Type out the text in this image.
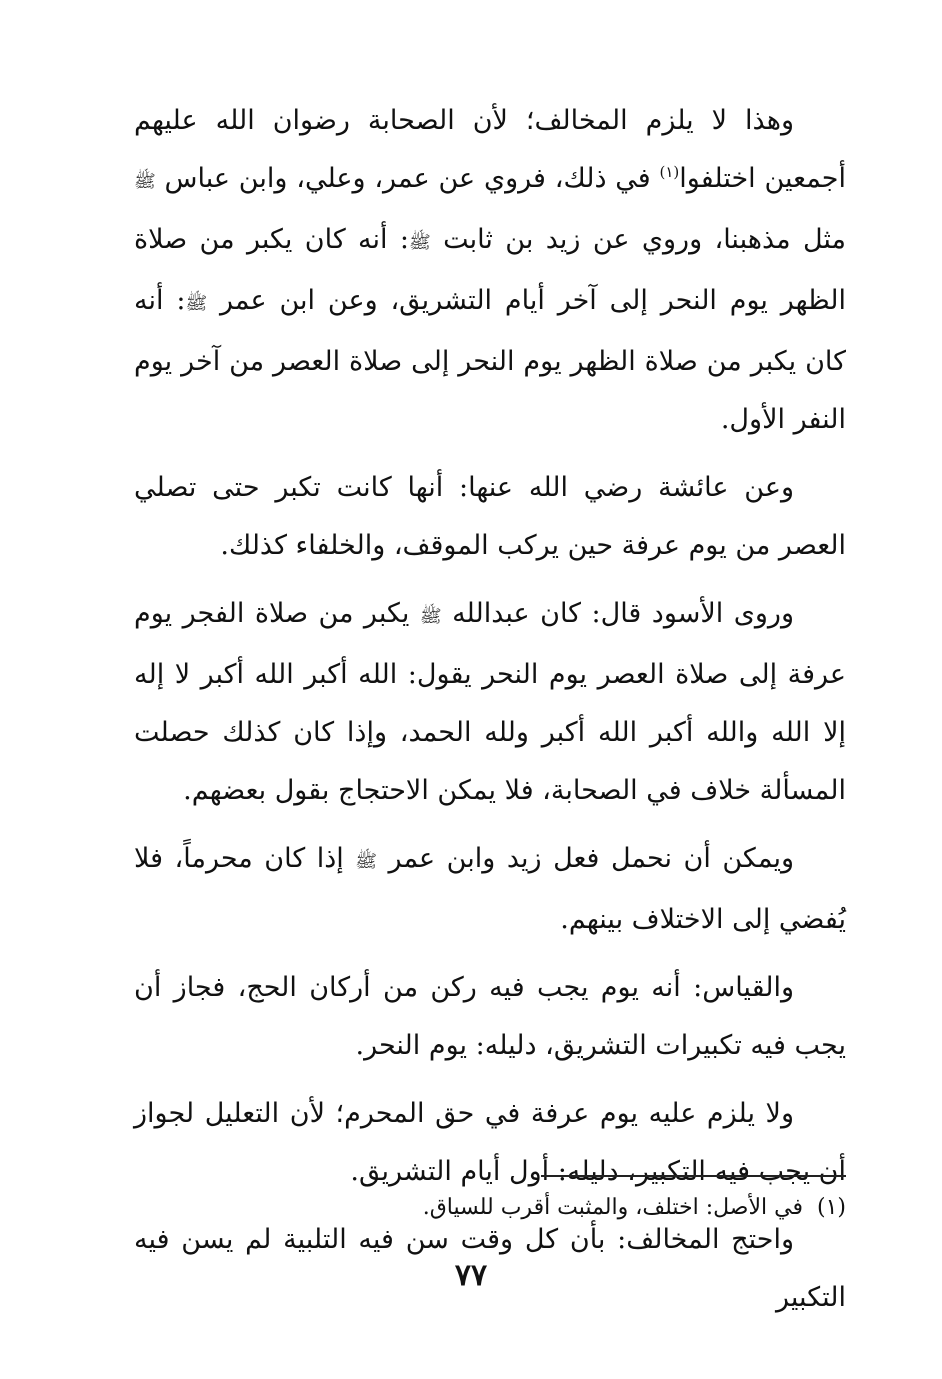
وهذا لا يلزم المخالف؛ لأن الصحابة رضوان الله عليهم أجمعين اختلفوا$^{(١)}$ في ذلك، فروي عن عمر، وعلي، وابن عباس ﷺ مثل مذهبنا، وروي عن زيد بن ثابت ﷺ: أنه كان يكبر من صلاة الظهر يوم النحر إلى آخر أيام التشريق، وعن ابن عمر ﷺ: أنه كان يكبر من صلاة الظهر يوم النحر إلى صلاة العصر من آخر يوم النفر الأول.

وعن عائشة رضي الله عنها: أنها كانت تكبر حتى تصلي العصر من يوم عرفة حين يركب الموقف، والخلفاء كذلك.

وروى الأسود قال: كان عبدالله ﷺ يكبر من صلاة الفجر يوم عرفة إلى صلاة العصر يوم النحر يقول: الله أكبر الله أكبر لا إله إلا الله والله أكبر الله أكبر ولله الحمد، وإذا كان كذلك حصلت المسألة خلاف في الصحابة، فلا يمكن الاحتجاج بقول بعضهم.

ويمكن أن نحمل فعل زيد وابن عمر ﷺ إذا كان محرماً، فلا يُفضي إلى الاختلاف بينهم.

والقياس: أنه يوم يجب فيه ركن من أركان الحج، فجاز أن يجب فيه تكبيرات التشريق، دليله: يوم النحر.

ولا يلزم عليه يوم عرفة في حق المحرم؛ لأن التعليل لجواز أن يجب فيه التكبير، دليله: أول أيام التشريق.

واحتج المخالف: بأن كل وقت سن فيه التلبية لم يسن فيه التكبير

(١)في الأصل: اختلف، والمثبت أقرب للسياق.
٧٧
